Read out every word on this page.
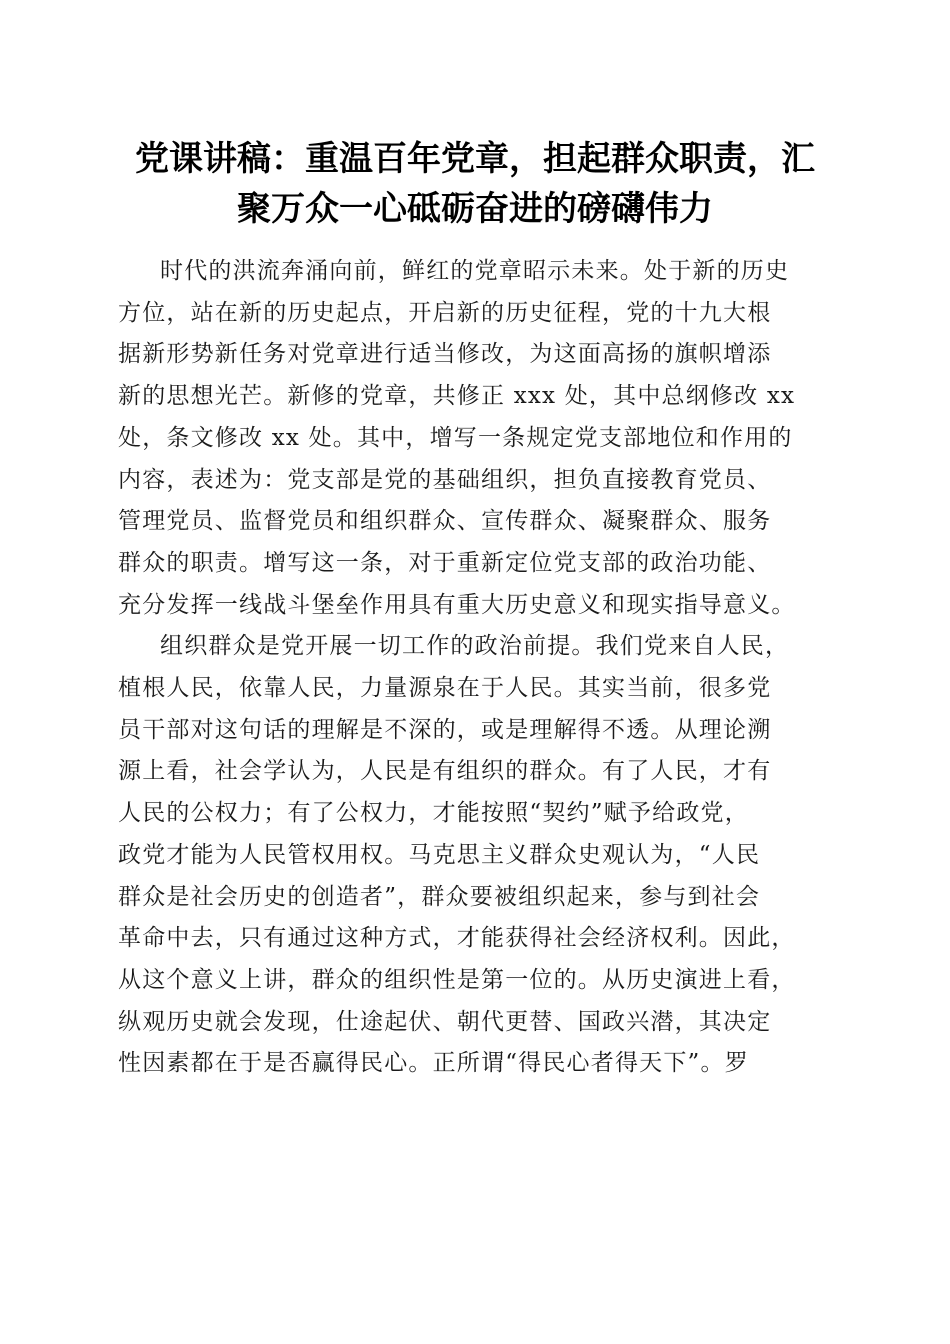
党课讲稿：重温百年党章，担起群众职责，汇
聚万众一心砥砺奋进的磅礴伟力
时代的洪流奔涌向前，鲜红的党章昭示未来。处于新的历史
方位，站在新的历史起点，开启新的历史征程，党的十九大根
据新形势新任务对党章进行适当修改，为这面高扬的旗帜增添
新的思想光芒。新修的党章，共修正 xxx 处，其中总纲修改 xx
处，条文修改 xx 处。其中，增写一条规定党支部地位和作用的
内容，表述为：党支部是党的基础组织，担负直接教育党员、
管理党员、监督党员和组织群众、宣传群众、凝聚群众、服务
群众的职责。增写这一条，对于重新定位党支部的政治功能、
充分发挥一线战斗堡垒作用具有重大历史意义和现实指导意义。
组织群众是党开展一切工作的政治前提。我们党来自人民，
植根人民，依靠人民，力量源泉在于人民。其实当前，很多党
员干部对这句话的理解是不深的，或是理解得不透。从理论溯
源上看，社会学认为，人民是有组织的群众。有了人民，才有
人民的公权力；有了公权力，才能按照“契约”赋予给政党，
政党才能为人民管权用权。马克思主义群众史观认为，“人民
群众是社会历史的创造者”，群众要被组织起来，参与到社会
革命中去，只有通过这种方式，才能获得社会经济权利。因此，
从这个意义上讲，群众的组织性是第一位的。从历史演进上看，
纵观历史就会发现，仕途起伏、朝代更替、国政兴潜，其决定
性因素都在于是否赢得民心。正所谓“得民心者得天下”。罗
